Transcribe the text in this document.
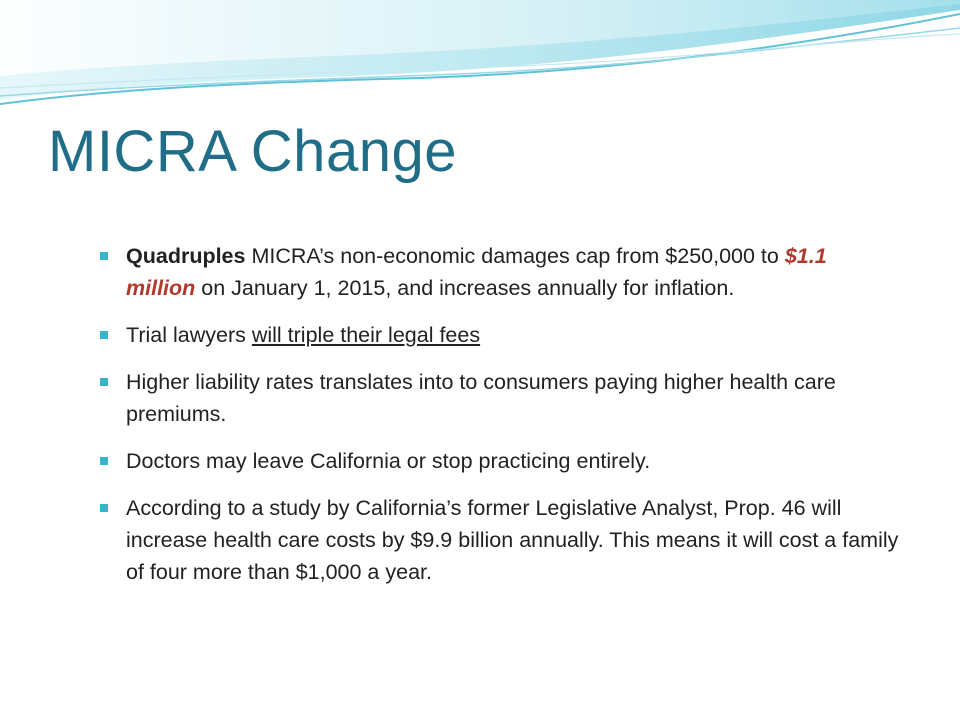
MICRA Change
Quadruples MICRA’s non-economic damages cap from $250,000 to $1.1 million on January 1, 2015, and increases annually for inflation.
Trial lawyers will triple their legal fees
Higher liability rates translates into to consumers paying higher health care premiums.
Doctors may leave California or stop practicing entirely.
According to a study by California’s former Legislative Analyst, Prop. 46 will increase health care costs by $9.9 billion annually. This means it will cost a family of four more than $1,000 a year.
